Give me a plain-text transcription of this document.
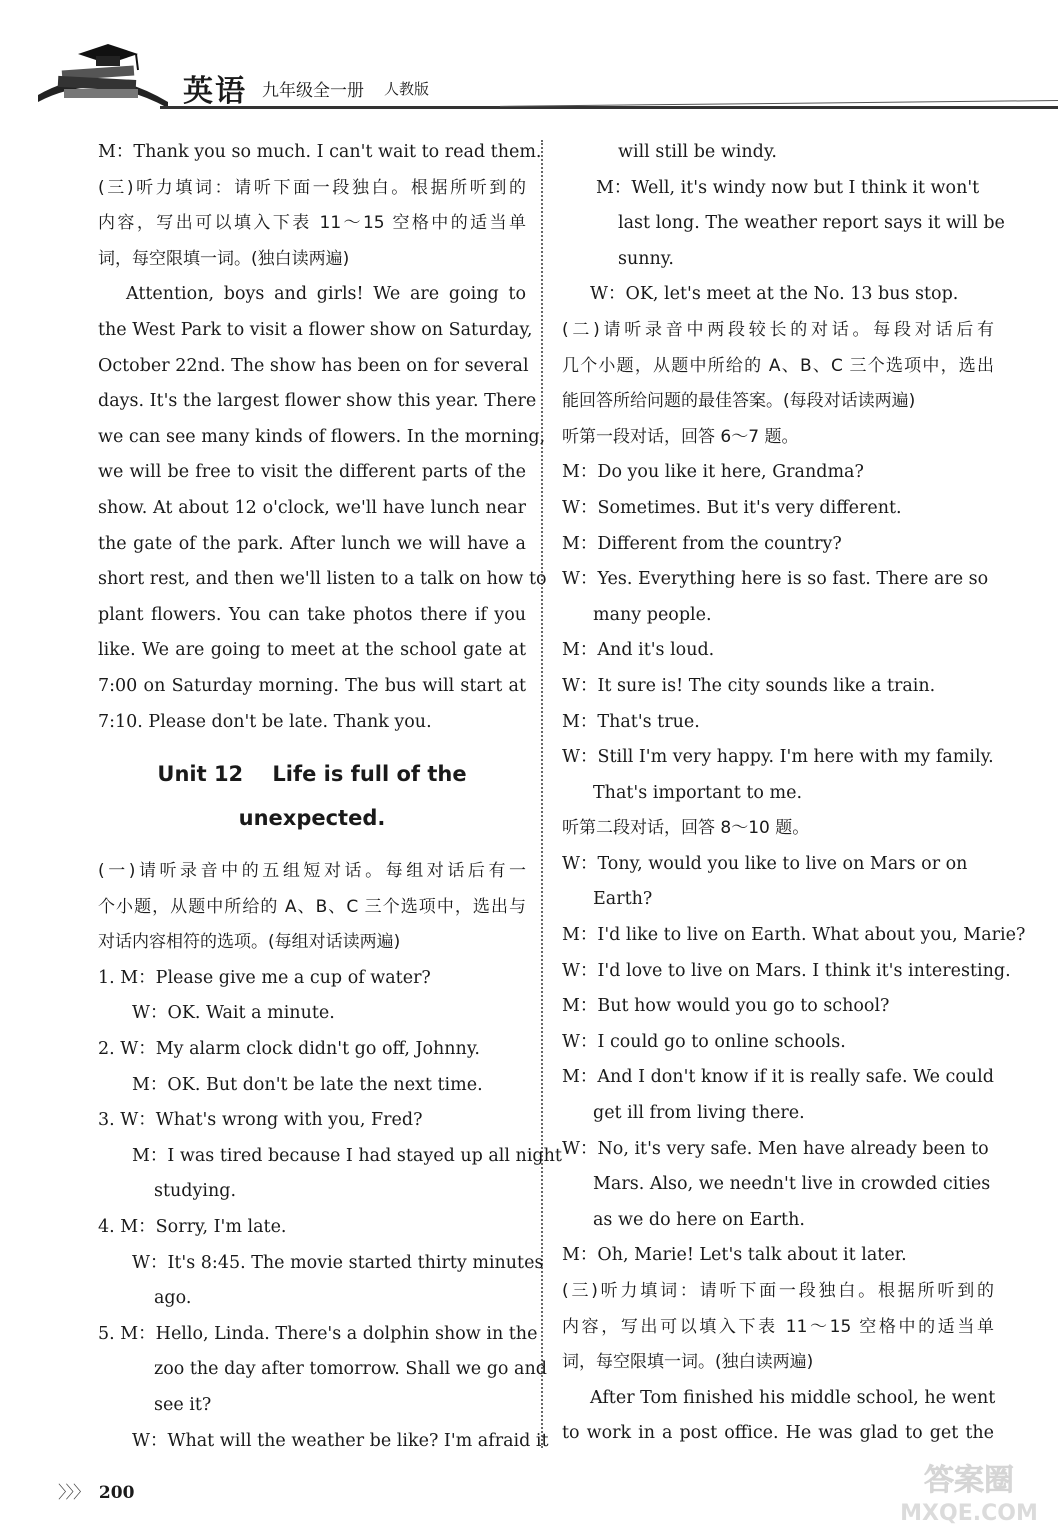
英语 九年级全一册 人教版
M：Thank you so much. I can't wait to read them.
(三)听力填词：请听下面一段独白。根据所听到的
内容，写出可以填入下表 11～15 空格中的适当单
词，每空限填一词。(独白读两遍)
Attention, boys and girls! We are going to
the West Park to visit a flower show on Saturday,
October 22nd. The show has been on for several
days. It's the largest flower show this year. There
we can see many kinds of flowers. In the morning,
we will be free to visit the different parts of the
show. At about 12 o'clock, we'll have lunch near
the gate of the park. After lunch we will have a
short rest, and then we'll listen to a talk on how to
plant flowers. You can take photos there if you
like. We are going to meet at the school gate at
7:00 on Saturday morning. The bus will start at
7:10. Please don't be late. Thank you.
Unit 12    Life is full of the
unexpected.
(一)请听录音中的五组短对话。每组对话后有一
个小题，从题中所给的 A、B、C 三个选项中，选出与
对话内容相符的选项。(每组对话读两遍)
1. M：Please give me a cup of water?
W：OK. Wait a minute.
2. W：My alarm clock didn't go off, Johnny.
M：OK. But don't be late the next time.
3. W：What's wrong with you, Fred?
M：I was tired because I had stayed up all night
studying.
4. M：Sorry, I'm late.
W：It's 8:45. The movie started thirty minutes
ago.
5. M：Hello, Linda. There's a dolphin show in the
zoo the day after tomorrow. Shall we go and
see it?
W：What will the weather be like? I'm afraid it
will still be windy.
M：Well, it's windy now but I think it won't
last long. The weather report says it will be
sunny.
W：OK, let's meet at the No. 13 bus stop.
(二)请听录音中两段较长的对话。每段对话后有
几个小题，从题中所给的 A、B、C 三个选项中，选出
能回答所给问题的最佳答案。(每段对话读两遍)
听第一段对话，回答 6～7 题。
M：Do you like it here, Grandma?
W：Sometimes. But it's very different.
M：Different from the country?
W：Yes. Everything here is so fast. There are so
many people.
M：And it's loud.
W：It sure is! The city sounds like a train.
M：That's true.
W：Still I'm very happy. I'm here with my family.
That's important to me.
听第二段对话，回答 8～10 题。
W：Tony, would you like to live on Mars or on
Earth?
M：I'd like to live on Earth. What about you, Marie?
W：I'd love to live on Mars. I think it's interesting.
M：But how would you go to school?
W：I could go to online schools.
M：And I don't know if it is really safe. We could
get ill from living there.
W：No, it's very safe. Men have already been to
Mars. Also, we needn't live in crowded cities
as we do here on Earth.
M：Oh, Marie! Let's talk about it later.
(三)听力填词：请听下面一段独白。根据所听到的
内容，写出可以填入下表 11～15 空格中的适当单
词，每空限填一词。(独白读两遍)
After Tom finished his middle school, he went
to work in a post office. He was glad to get the
〉〉〉 200	答案圈
MXQE.COM
